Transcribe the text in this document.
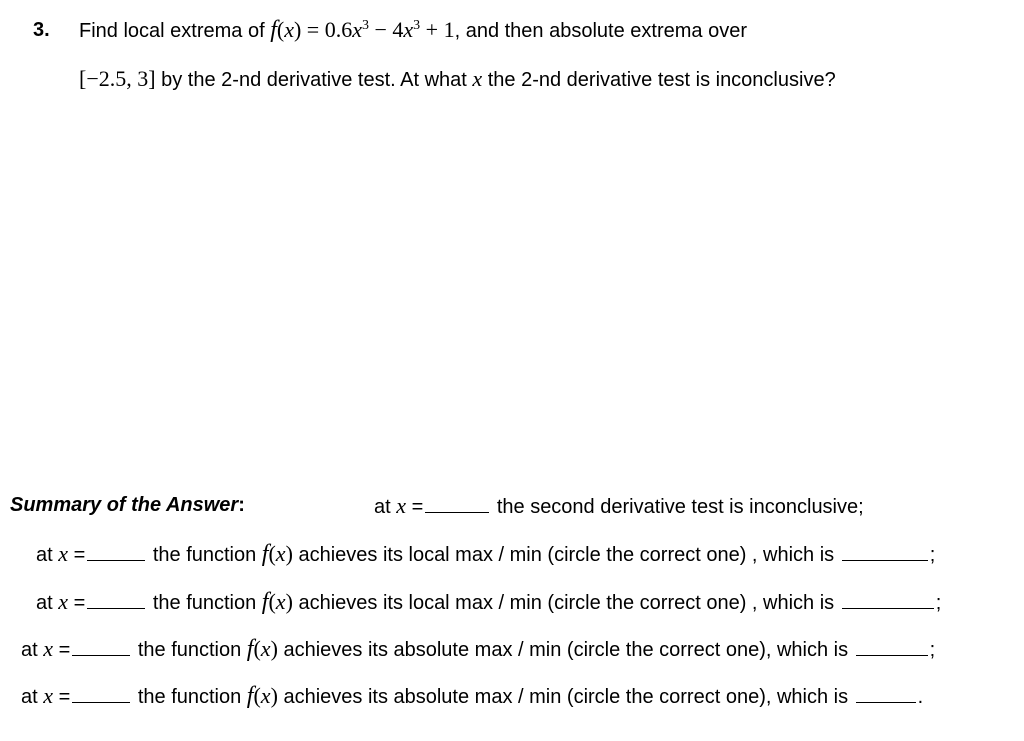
3. Find local extrema of $f(x) = 0.6x^3 - 4x^3 + 1$, and then absolute extrema over
[−2.5, 3] by the 2-nd derivative test. At what x the 2-nd derivative test is inconclusive?
Summary of the Answer:	at x =	the second derivative test is inconclusive;
at x =	the function f(x) achieves its local max / min (circle the correct one) , which is	;
at x =	the function f(x) achieves its local max / min (circle the correct one) , which is	;
at x =	the function f(x) achieves its absolute max / min (circle the correct one), which is	;
at x =	the function f(x) achieves its absolute max / min (circle the correct one), which is	.
